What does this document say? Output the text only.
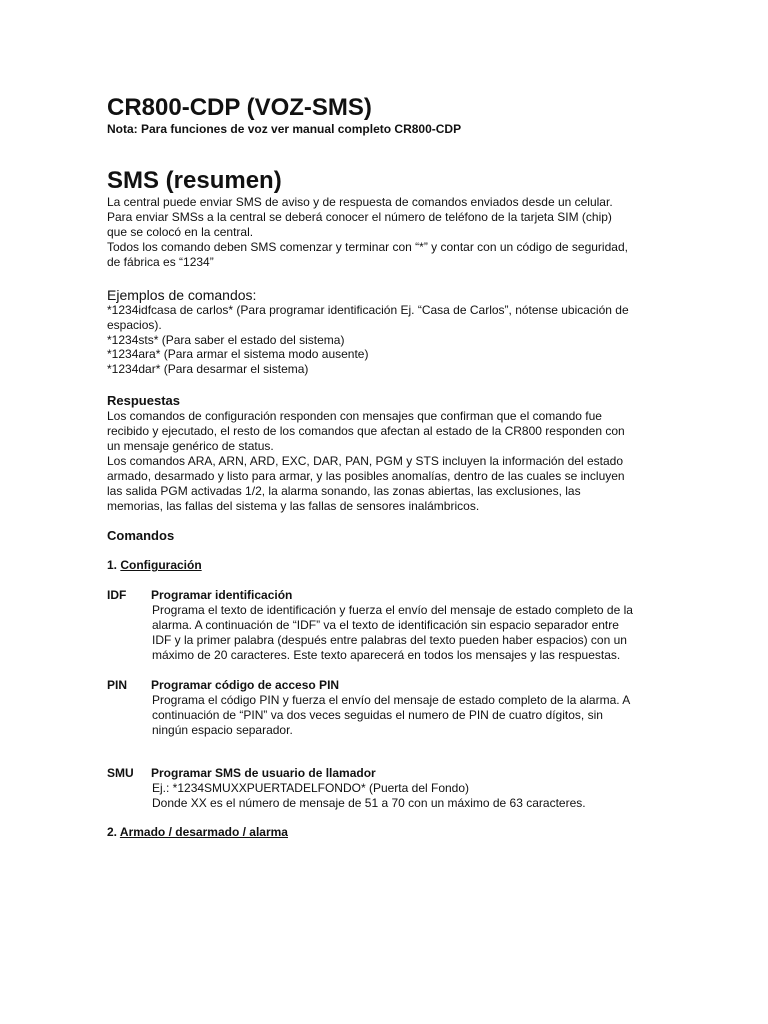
CR800-CDP (VOZ-SMS)
Nota: Para funciones de voz ver manual completo CR800-CDP
SMS (resumen)

La central puede enviar SMS de aviso y de respuesta de comandos enviados desde un celular.

Para enviar SMSs a la central se deberá conocer el número de teléfono de la tarjeta SIM (chip)

que se colocó en la central.

Todos los comando deben SMS comenzar y terminar con “*” y contar con un código de seguridad,

de fábrica es “1234”

Ejemplos de comandos:

*1234idfcasa de carlos* (Para programar identificación Ej. “Casa de Carlos”, nótense ubicación de

espacios).

*1234sts* (Para saber el estado del sistema)

*1234ara* (Para armar el sistema modo ausente)

*1234dar* (Para desarmar el sistema)

Respuestas

Los comandos de configuración responden con mensajes que confirman que el comando fue

recibido y ejecutado, el resto de los comandos que afectan al estado de la CR800 responden con

un mensaje genérico de status.

Los comandos ARA, ARN, ARD, EXC, DAR, PAN, PGM y STS incluyen la información del estado

armado, desarmado y listo para armar, y las posibles anomalías, dentro de las cuales se incluyen

las salida PGM activadas 1/2, la alarma sonando, las zonas abiertas, las exclusiones, las

memorias, las fallas del sistema y las fallas de sensores inalámbricos.

Comandos
1. Configuración
IDF	Programar identificación

Programa el texto de identificación y fuerza el envío del mensaje de estado completo de la

alarma. A continuación de “IDF” va el texto de identificación sin espacio separador entre

IDF y la primer palabra (después entre palabras del texto pueden haber espacios) con un

máximo de 20 caracteres. Este texto aparecerá en todos los mensajes y las respuestas.

PIN	Programar código de acceso PIN

Programa el código PIN y fuerza el envío del mensaje de estado completo de la alarma. A

continuación de “PIN” va dos veces seguidas el numero de PIN de cuatro dígitos, sin

ningún espacio separador.

SMU	Programar SMS de usuario de llamador

Ej.: *1234SMUXXPUERTADELFONDO* (Puerta del Fondo)

Donde XX es el número de mensaje de 51 a 70 con un máximo de 63 caracteres.

2. Armado / desarmado / alarma
